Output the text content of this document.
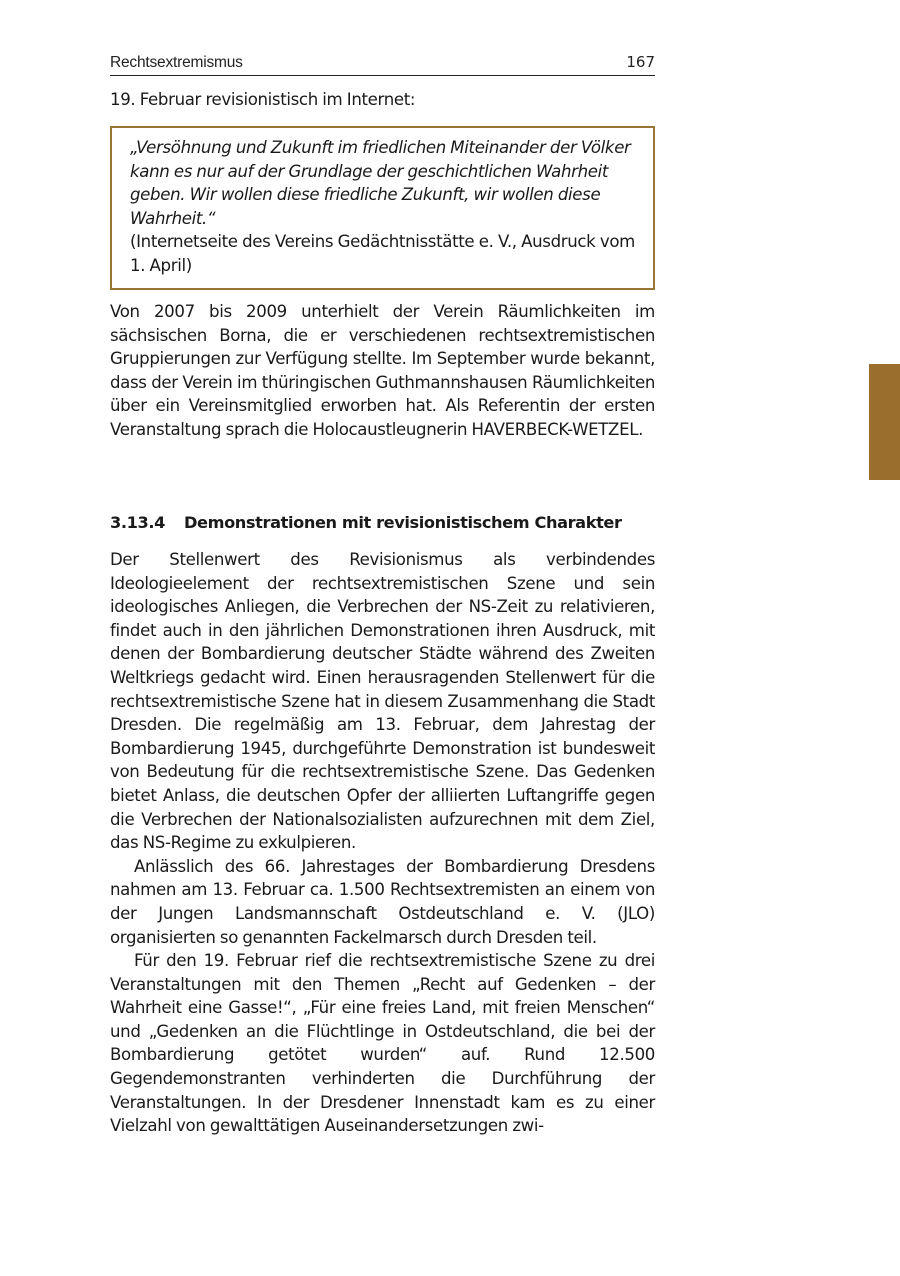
Rechtsextremismus	167

19. Februar revisionistisch im Internet:

„Versöhnung und Zukunft im friedlichen Miteinander der Völker kann es nur auf der Grundlage der geschichtlichen Wahrheit geben. Wir wollen diese friedliche Zukunft, wir wollen diese Wahrheit.“

(Internetseite des Vereins Gedächtnisstätte e. V., Ausdruck vom 1. April)

Von 2007 bis 2009 unterhielt der Verein Räumlichkeiten im sächsischen Borna, die er verschiedenen rechtsextremistischen Gruppierungen zur Verfügung stellte. Im September wurde bekannt, dass der Verein im thüringischen Guthmannshausen Räumlichkeiten über ein Vereinsmitglied erworben hat. Als Referentin der ersten Veranstaltung sprach die Holocaustleugnerin HAVERBECK-WETZEL.

3.13.4 Demonstrationen mit revisionistischem Charakter

Der Stellenwert des Revisionismus als verbindendes Ideologieelement der rechtsextremistischen Szene und sein ideologisches Anliegen, die Verbrechen der NS-Zeit zu relativieren, findet auch in den jährlichen Demonstrationen ihren Ausdruck, mit denen der Bombardierung deutscher Städte während des Zweiten Weltkriegs gedacht wird. Einen herausragenden Stellenwert für die rechtsextremistische Szene hat in diesem Zusammenhang die Stadt Dresden. Die regelmäßig am 13. Februar, dem Jahrestag der Bombardierung 1945, durchgeführte Demonstration ist bundesweit von Bedeutung für die rechtsextremistische Szene. Das Gedenken bietet Anlass, die deutschen Opfer der alliierten Luftangriffe gegen die Verbrechen der Nationalsozialisten aufzurechnen mit dem Ziel, das NS-Regime zu exkulpieren.

Anlässlich des 66. Jahrestages der Bombardierung Dresdens nahmen am 13. Februar ca. 1.500 Rechtsextremisten an einem von der Jungen Landsmannschaft Ostdeutschland e. V. (JLO) organisierten so genannten Fackelmarsch durch Dresden teil.

Für den 19. Februar rief die rechtsextremistische Szene zu drei Veranstaltungen mit den Themen „Recht auf Gedenken – der Wahrheit eine Gasse!“, „Für eine freies Land, mit freien Menschen“ und „Gedenken an die Flüchtlinge in Ostdeutschland, die bei der Bombardierung getötet wurden“ auf. Rund 12.500 Gegendemonstranten verhinderten die Durchführung der Veranstaltungen. In der Dresdener Innenstadt kam es zu einer Vielzahl von gewalttätigen Auseinandersetzungen zwi-
